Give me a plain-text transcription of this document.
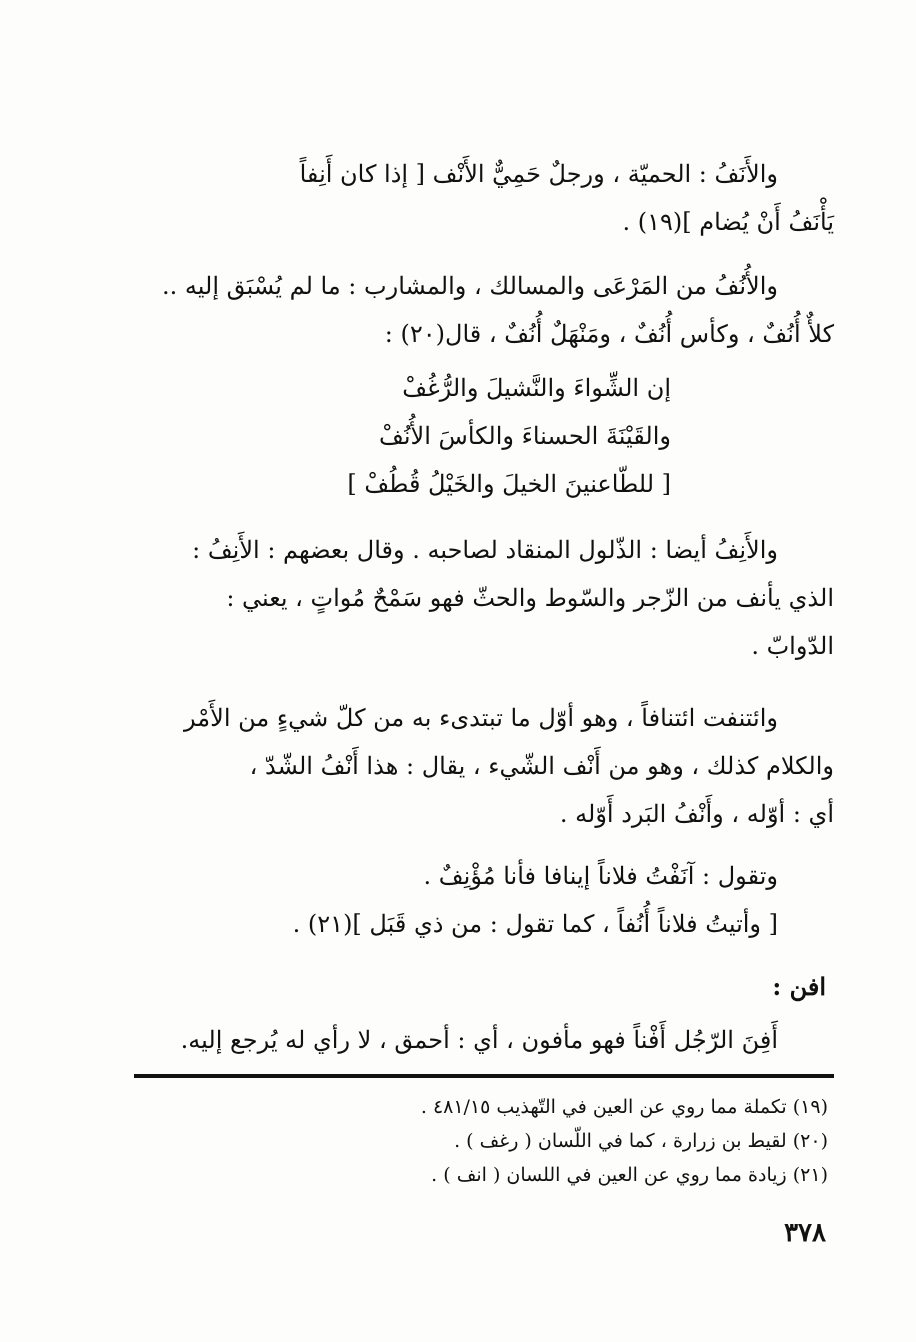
والأَنَفُ : الحميّة ، ورجلٌ حَمِيٌّ الأَنْف [ إذا كان أَنِفاً
يَأْنَفُ أَنْ يُضام ](١٩) .
والأُنُفُ من المَرْعَى والمسالك ، والمشارب : ما لم يُسْبَق إليه ..
كلأٌ أُنُفٌ ، وكأس أُنُفٌ ، ومَنْهَلٌ أُنُفٌ ، قال(٢٠) :
إن الشِّواءَ والنَّشيلَ والرُّغُفْ
والقَيْنَةَ الحسناءَ والكأسَ الأُنُفْ
[ للطّاعنينَ الخيلَ والخَيْلُ قُطُفْ ]
والأَنِفُ أيضا : الذّلول المنقاد لصاحبه . وقال بعضهم : الأَنِفُ :
الذي يأنف من الزّجر والسّوط والحثّ فهو سَمْحٌ مُواتٍ ، يعني :
الدّوابّ .
وائتنفت ائتنافاً ، وهو أوّل ما تبتدىء به من كلّ شيءٍ من الأَمْر
والكلام كذلك ، وهو من أَنْف الشّيء ، يقال : هذا أَنْفُ الشّدّ ،
أي : أوّله ، وأَنْفُ البَرد أَوّله .
وتقول : آنَفْتُ فلاناً إينافا فأنا مُؤْنِفٌ .
[ وأتيتُ فلاناً أُنُفاً ، كما تقول : من ذي قَبَل ](٢١) .
افن :
أَفِنَ الرّجُل أَفْناً فهو مأفون ، أي : أحمق ، لا رأي له يُرجع إليه.
(١٩) تكملة مما روي عن العين في التّهذيب ٤٨١/١٥ .
(٢٠) لقيط بن زرارة ، كما في اللّسان ( رغف ) .
(٢١) زيادة مما روي عن العين في اللسان ( انف ) .
٣٧٨
